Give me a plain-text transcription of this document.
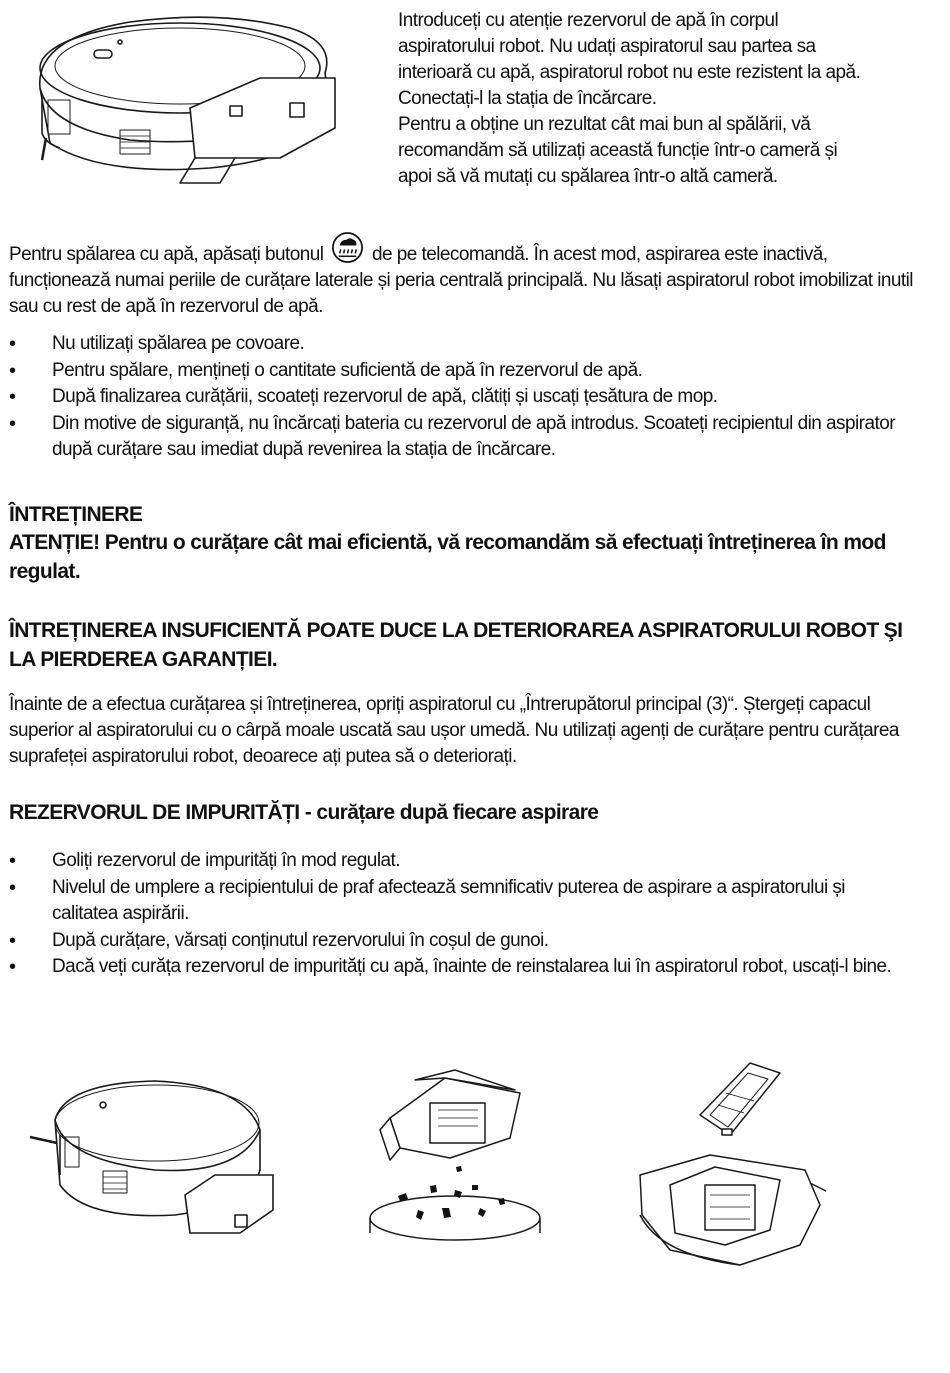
Introduceți cu atenție rezervorul de apă în corpul aspiratorului robot. Nu udați aspiratorul sau partea sa interioară cu apă, aspiratorul robot nu este rezistent la apă. Conectați-l la stația de încărcare.
Pentru a obține un rezultat cât mai bun al spălării, vă recomandăm să utilizați această funcție într-o cameră și apoi să vă mutați cu spălarea într-o altă cameră.

Pentru spălarea cu apă, apăsați butonul	de pe telecomandă. În acest mod, aspirarea este inactivă, funcționează numai periile de curățare laterale și peria centrală principală. Nu lăsați aspiratorul robot imobilizat inutil sau cu rest de apă în rezervorul de apă.

• Nu utilizați spălarea pe covoare.
• Pentru spălare, mențineți o cantitate suficientă de apă în rezervorul de apă.
• După finalizarea curățării, scoateți rezervorul de apă, clătiți și uscați țesătura de mop.
• Din motive de siguranță, nu încărcați bateria cu rezervorul de apă introdus. Scoateți recipientul din aspirator după curățare sau imediat după revenirea la stația de încărcare.
ÎNTREȚINERE
ATENȚIE! Pentru o curățare cât mai eficientă, vă recomandăm să efectuați întreținerea în mod regulat.
ÎNTREȚINEREA INSUFICIENTĂ POATE DUCE LA DETERIORAREA ASPIRATORULUI ROBOT ŞI LA PIERDEREA GARANȚIEI.

Înainte de a efectua curățarea și întreținerea, opriți aspiratorul cu „Întrerupătorul principal (3)“. Ștergeți capacul superior al aspiratorului cu o cârpă moale uscată sau ușor umedă. Nu utilizați agenți de curățare pentru curățarea suprafeței aspiratorului robot, deoarece ați putea să o deteriorați.

REZERVORUL DE IMPURITĂȚI - curățare după fiecare aspirare
• Goliți rezervorul de impurități în mod regulat.
• Nivelul de umplere a recipientului de praf afectează semnificativ puterea de aspirare a aspiratorului și calitatea aspirării.
• După curățare, vărsați conținutul rezervorului în coșul de gunoi.
• Dacă veți curăța rezervorul de impurități cu apă, înainte de reinstalarea lui în aspiratorul robot, uscați-l bine.
